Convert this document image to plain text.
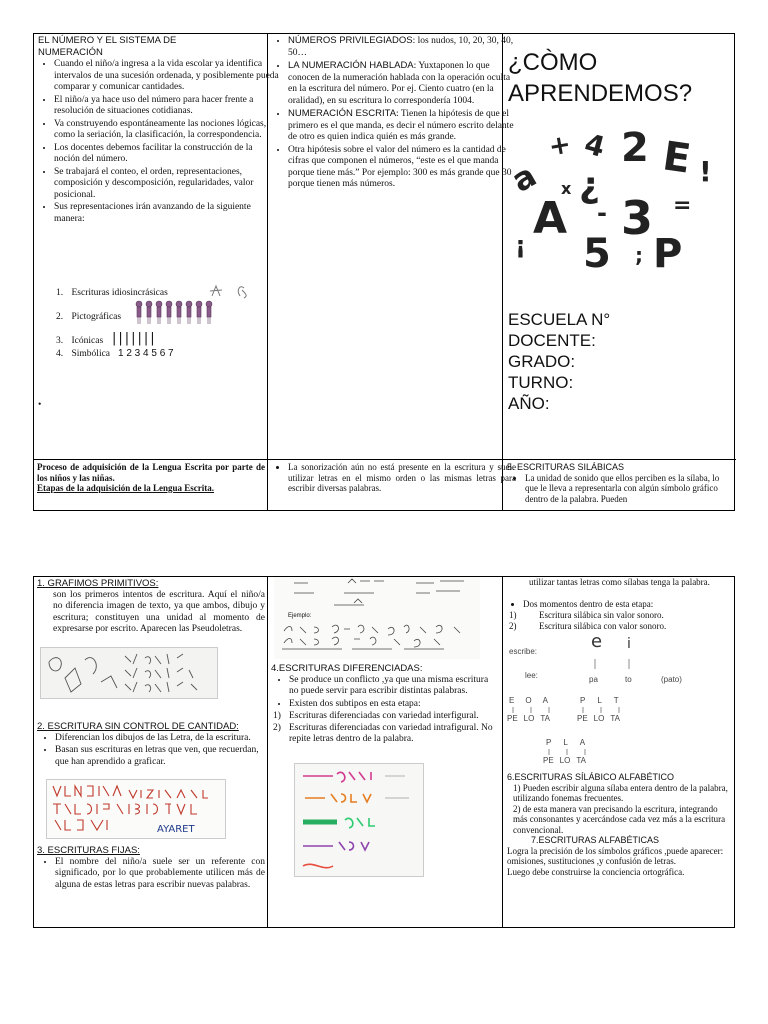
EL NÚMERO Y EL SISTEMA DE
NUMERACIÓN
• Cuando el niño/a ingresa a la vida escolar ya identifica intervalos de una sucesión ordenada, y posiblemente pueda comparar y comunicar cantidades.
• El niño/a ya hace uso del número para hacer frente a resolución de situaciones cotidianas.
• Va construyendo espontáneamente las nociones lógicas, como la seriación, la clasificación, la correspondencia.
• Los docentes debemos facilitar la construcción de la noción del número.
• Se trabajará el conteo, el orden, representaciones, composición y descomposición, regularidades, valor posicional.
• Sus representaciones irán avanzando de la siguiente manera:
1. Escrituras idiosincrásicas
2. Pictográficas
3. Icónicas |||||||
4. Simbólica 1 2 3 4 5 6 7
•
Proceso de adquisición de la Lengua Escrita por parte de los niños y las niñas.
Etapas de la adquisición de la Lengua Escrita.
• NÚMEROS PRIVILEGIADOS: los nudos, 10, 20, 30, 40, 50…
• LA NUMERACIÓN HABLADA: Yuxtaponen lo que conocen de la numeración hablada con la operación oculta en la escritura del número. Por ej. Ciento cuatro (en la oralidad), en su escritura lo correspondería 1004.
• NUMERACIÓN ESCRITA: Tienen la hipótesis de que el primero es el que manda, es decir el número escrito delante de otro es quien indica quién es más grande.
• Otra hipótesis sobre el valor del número es la cantidad de cifras que componen el números, “este es el que manda porque tiene más.” Por ejemplo: 300 es más grande que 30 porque tienen más números.
• La sonorización aún no está presente en la escritura y suele utilizar letras en el mismo orden o las mismas letras para escribir diversas palabras.
¿CÒMO
APRENDEMOS?
+ 4
¿
2 E !
a x
A - 3 =
¡ 5 ; P
ESCUELA N°
DOCENTE:
GRADO:
TURNO:
AÑO:
5. ESCRITURAS SILÁBICAS
• La unidad de sonido que ellos perciben es la sílaba, lo que le lleva a representarla con algún símbolo gráfico dentro de la palabra. Pueden
1. GRAFIMOS PRIMITIVOS:
son los primeros intentos de escritura. Aquí el niño/a no diferencia imagen de texto, ya que ambos, dibujo y escritura; constituyen una unidad al momento de expresarse por escrito. Aparecen las Pseudoletras.
2. ESCRITURA SIN CONTROL DE CANTIDAD:
• Diferencian los dibujos de las Letra, de la escritura.
• Basan sus escrituras en letras que ven, que recuerdan, que han aprendido a graficar.
AYARET
3. ESCRITURAS FIJAS:
• El nombre del niño/a suele ser un referente con significado, por lo que probablemente utilicen más de alguna de estas letras para escribir nuevas palabras.
Ejemplo:
4.ESCRITURAS DIFERENCIADAS:
• Se produce un conflicto ,ya que una misma escritura no puede servir para escribir distintas palabras.
• Existen dos subtipos en esta etapa:
1) Escrituras diferenciadas con variedad interfigural.
2) Escrituras diferenciadas con variedad intrafigural. No repite letras dentro de la palabra.
utilizar tantas letras como sílabas tenga la palabra.
• Dos momentos dentro de esta etapa:
1)	Escritura silábica sin valor sonoro.
2)	Escritura silábica con valor sonoro.
escribe:	e i
lee:	pa	to	(pato)
E O A
PE LO TA
P L T
PE LO TA
P L A
PE LO TA
6.ESCRITURAS SÍLÁBICO ALFABÉTICO
1) Pueden escribir alguna sílaba entera dentro de la palabra, utilizando fonemas frecuentes.
2) de esta manera van precisando la escritura, integrando más consonantes y acercándose cada vez más a la escritura convencional.
7.ESCRITURAS ALFABÉTICAS
Logra la precisión de los símbolos gráficos ,puede aparecer: omisiones, sustituciones ,y confusión de letras.
Luego debe construirse la conciencia ortográfica.
